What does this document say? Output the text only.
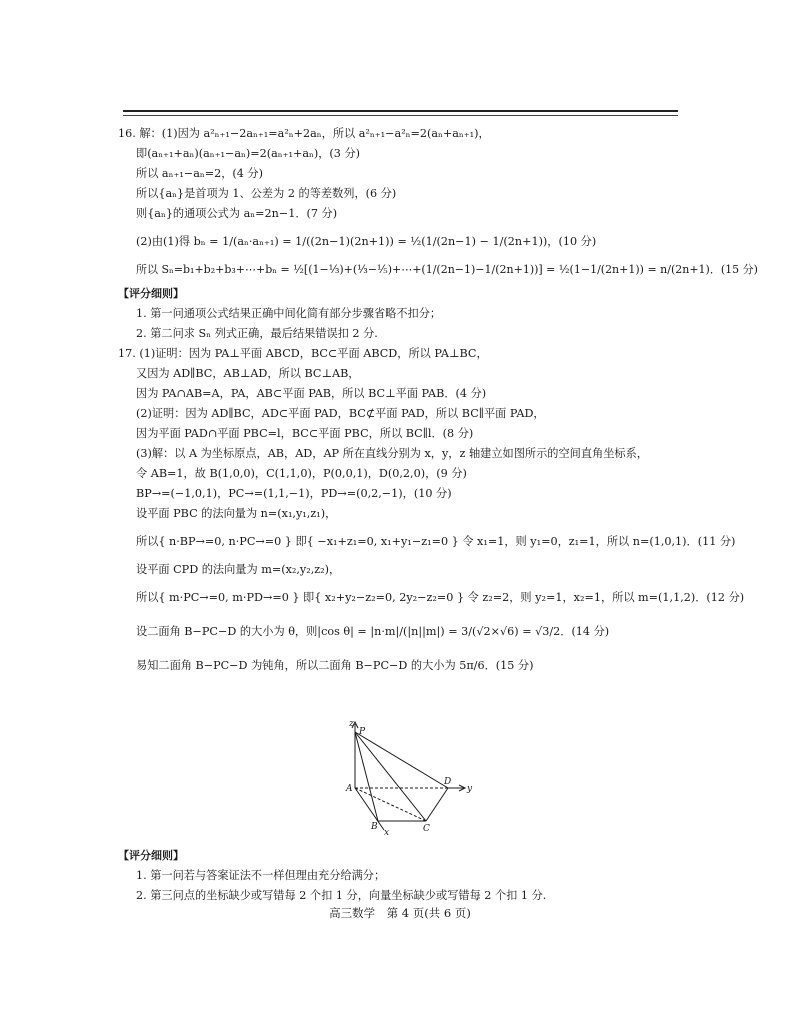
16. 解：(1)因为 a²ₙ₊₁−2aₙ₊₁=a²ₙ+2aₙ，所以 a²ₙ₊₁−a²ₙ=2(aₙ+aₙ₊₁)，
即(aₙ₊₁+aₙ)(aₙ₊₁−aₙ)=2(aₙ₊₁+aₙ)，(3 分)
所以 aₙ₊₁−aₙ=2，(4 分)
所以{aₙ}是首项为 1、公差为 2 的等差数列，(6 分)
则{aₙ}的通项公式为 aₙ=2n−1．(7 分)
(2)由(1)得 bₙ = 1/(aₙ·aₙ₊₁) = 1/((2n−1)(2n+1)) = ½(1/(2n−1) − 1/(2n+1))，(10 分)
所以 Sₙ=b₁+b₂+b₃+⋯+bₙ = ½[(1−⅓)+(⅓−⅕)+⋯+(1/(2n−1)−1/(2n+1))] = ½(1−1/(2n+1)) = n/(2n+1)．(15 分)
【评分细则】
1. 第一问通项公式结果正确中间化简有部分步骤省略不扣分；
2. 第二问求 Sₙ 列式正确，最后结果错误扣 2 分.
17. (1)证明：因为 PA⊥平面 ABCD，BC⊂平面 ABCD，所以 PA⊥BC，
又因为 AD∥BC，AB⊥AD，所以 BC⊥AB，
因为 PA∩AB=A，PA，AB⊂平面 PAB，所以 BC⊥平面 PAB．(4 分)
(2)证明：因为 AD∥BC，AD⊂平面 PAD，BC⊄平面 PAD，所以 BC∥平面 PAD，
因为平面 PAD∩平面 PBC=l，BC⊂平面 PBC，所以 BC∥l．(8 分)
(3)解：以 A 为坐标原点，AB，AD，AP 所在直线分别为 x，y，z 轴建立如图所示的空间直角坐标系，
令 AB=1，故 B(1,0,0)，C(1,1,0)，P(0,0,1)，D(0,2,0)，(9 分)
BP→=(−1,0,1)，PC→=(1,1,−1)，PD→=(0,2,−1)，(10 分)
设平面 PBC 的法向量为 n=(x₁,y₁,z₁)，
所以{ n·BP→=0, n·PC→=0 } 即{ −x₁+z₁=0, x₁+y₁−z₁=0 } 令 x₁=1，则 y₁=0，z₁=1，所以 n=(1,0,1)．(11 分)
设平面 CPD 的法向量为 m=(x₂,y₂,z₂)，
所以{ m·PC→=0, m·PD→=0 } 即{ x₂+y₂−z₂=0, 2y₂−z₂=0 } 令 z₂=2，则 y₂=1，x₂=1，所以 m=(1,1,2)．(12 分)
设二面角 B−PC−D 的大小为 θ，则|cos θ| = |n·m|/(|n||m|) = 3/(√2×√6) = √3/2．(14 分)
易知二面角 B−PC−D 为钝角，所以二面角 B−PC−D 的大小为 5π/6．(15 分)
z
P
A
D
y
B
x	C
【评分细则】
1. 第一问若与答案证法不一样但理由充分给满分；
2. 第三问点的坐标缺少或写错每 2 个扣 1 分，向量坐标缺少或写错每 2 个扣 1 分.
高三数学　第 4 页(共 6 页)
